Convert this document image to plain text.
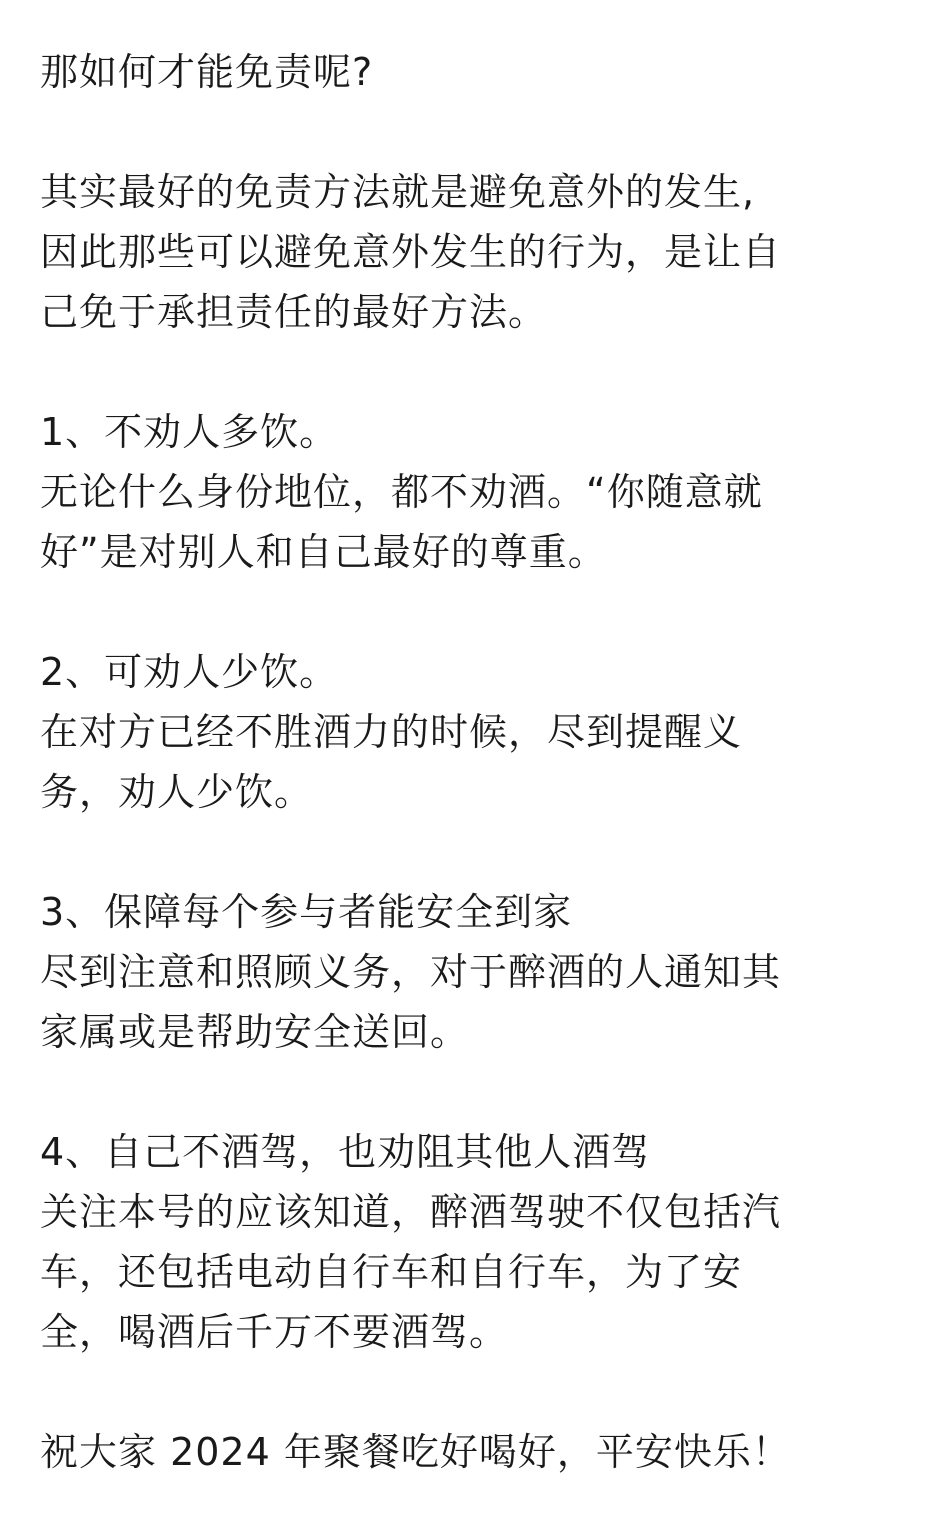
那如何才能免责呢?
其实最好的免责方法就是避免意外的发生,
因此那些可以避免意外发生的行为，是让自
己免于承担责任的最好方法。
1、不劝人多饮。
无论什么身份地位，都不劝酒。“你随意就
好”是对别人和自己最好的尊重。
2、可劝人少饮。
在对方已经不胜酒力的时候，尽到提醒义
务，劝人少饮。
3、保障每个参与者能安全到家
尽到注意和照顾义务，对于醉酒的人通知其
家属或是帮助安全送回。
4、自己不酒驾，也劝阻其他人酒驾
关注本号的应该知道，醉酒驾驶不仅包括汽
车，还包括电动自行车和自行车，为了安
全，喝酒后千万不要酒驾。
祝大家 2024 年聚餐吃好喝好，平安快乐！
